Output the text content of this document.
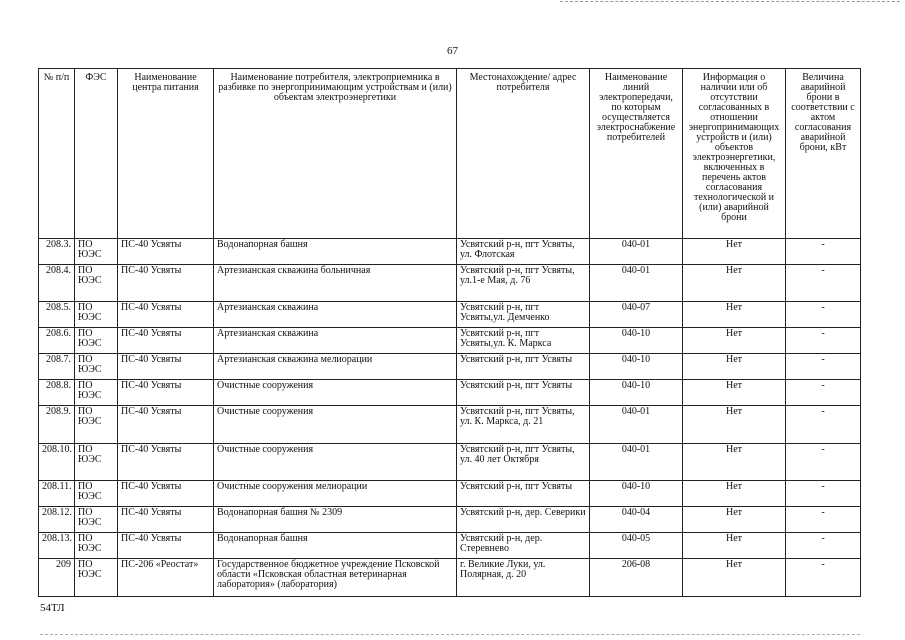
67
№ п/п	ФЭС	Наименование центра питания	Наименование потребителя, электроприемника в разбивке по энергопринимающим устройствам и (или) объектам электроэнергетики	Местонахождение/ адрес потребителя	Наименование линий электропередачи, по которым осуществляется электроснабжение потребителей	Информация о наличии или об отсутствии согласованных в отношении энергопринимающих устройств и (или) объектов электроэнергетики, включенных в перечень актов согласования технологической и (или) аварийной брони	Величина аварийной брони в соответствии с актом согласования аварийной брони, кВт
208.3.	ПО ЮЭС	ПС-40 Усвяты	Водонапорная башня	Усвятский р-н, пгт Усвяты, ул. Флотская	040-01	Нет	-
208.4.	ПО ЮЭС	ПС-40 Усвяты	Артезианская скважина больничная	Усвятский р-н, пгт Усвяты, ул.1-е Мая, д. 76	040-01	Нет	-
208.5.	ПО ЮЭС	ПС-40 Усвяты	Артезианская скважина	Усвятский р-н, пгт Усвяты,ул. Демченко	040-07	Нет	-
208.6.	ПО ЮЭС	ПС-40 Усвяты	Артезианская скважина	Усвятский р-н, пгт Усвяты,ул. К. Маркса	040-10	Нет	-
208.7.	ПО ЮЭС	ПС-40 Усвяты	Артезианская скважина мелиорации	Усвятский р-н, пгт Усвяты	040-10	Нет	-
208.8.	ПО ЮЭС	ПС-40 Усвяты	Очистные сооружения	Усвятский р-н, пгт Усвяты	040-10	Нет	-
208.9.	ПО ЮЭС	ПС-40 Усвяты	Очистные сооружения	Усвятский р-н, пгт Усвяты, ул. К. Маркса, д. 21	040-01	Нет	-
208.10.	ПО ЮЭС	ПС-40 Усвяты	Очистные сооружения	Усвятский р-н, пгт Усвяты, ул. 40 лет Октября	040-01	Нет	-
208.11.	ПО ЮЭС	ПС-40 Усвяты	Очистные сооружения мелиорации	Усвятский р-н, пгт Усвяты	040-10	Нет	-
208.12.	ПО ЮЭС	ПС-40 Усвяты	Водонапорная башня № 2309	Усвятский р-н, дер. Северики	040-04	Нет	-
208.13.	ПО ЮЭС	ПС-40 Усвяты	Водонапорная башня	Усвятский р-н, дер. Стеревнево	040-05	Нет	-
209	ПО ЮЭС	ПС-206 «Реостат»	Государственное бюджетное учреждение Псковской области «Псковская областная ветеринарная лаборатория» (лаборатория)	г. Великие Луки, ул. Полярная, д. 20	206-08	Нет	-
54ТЛ
